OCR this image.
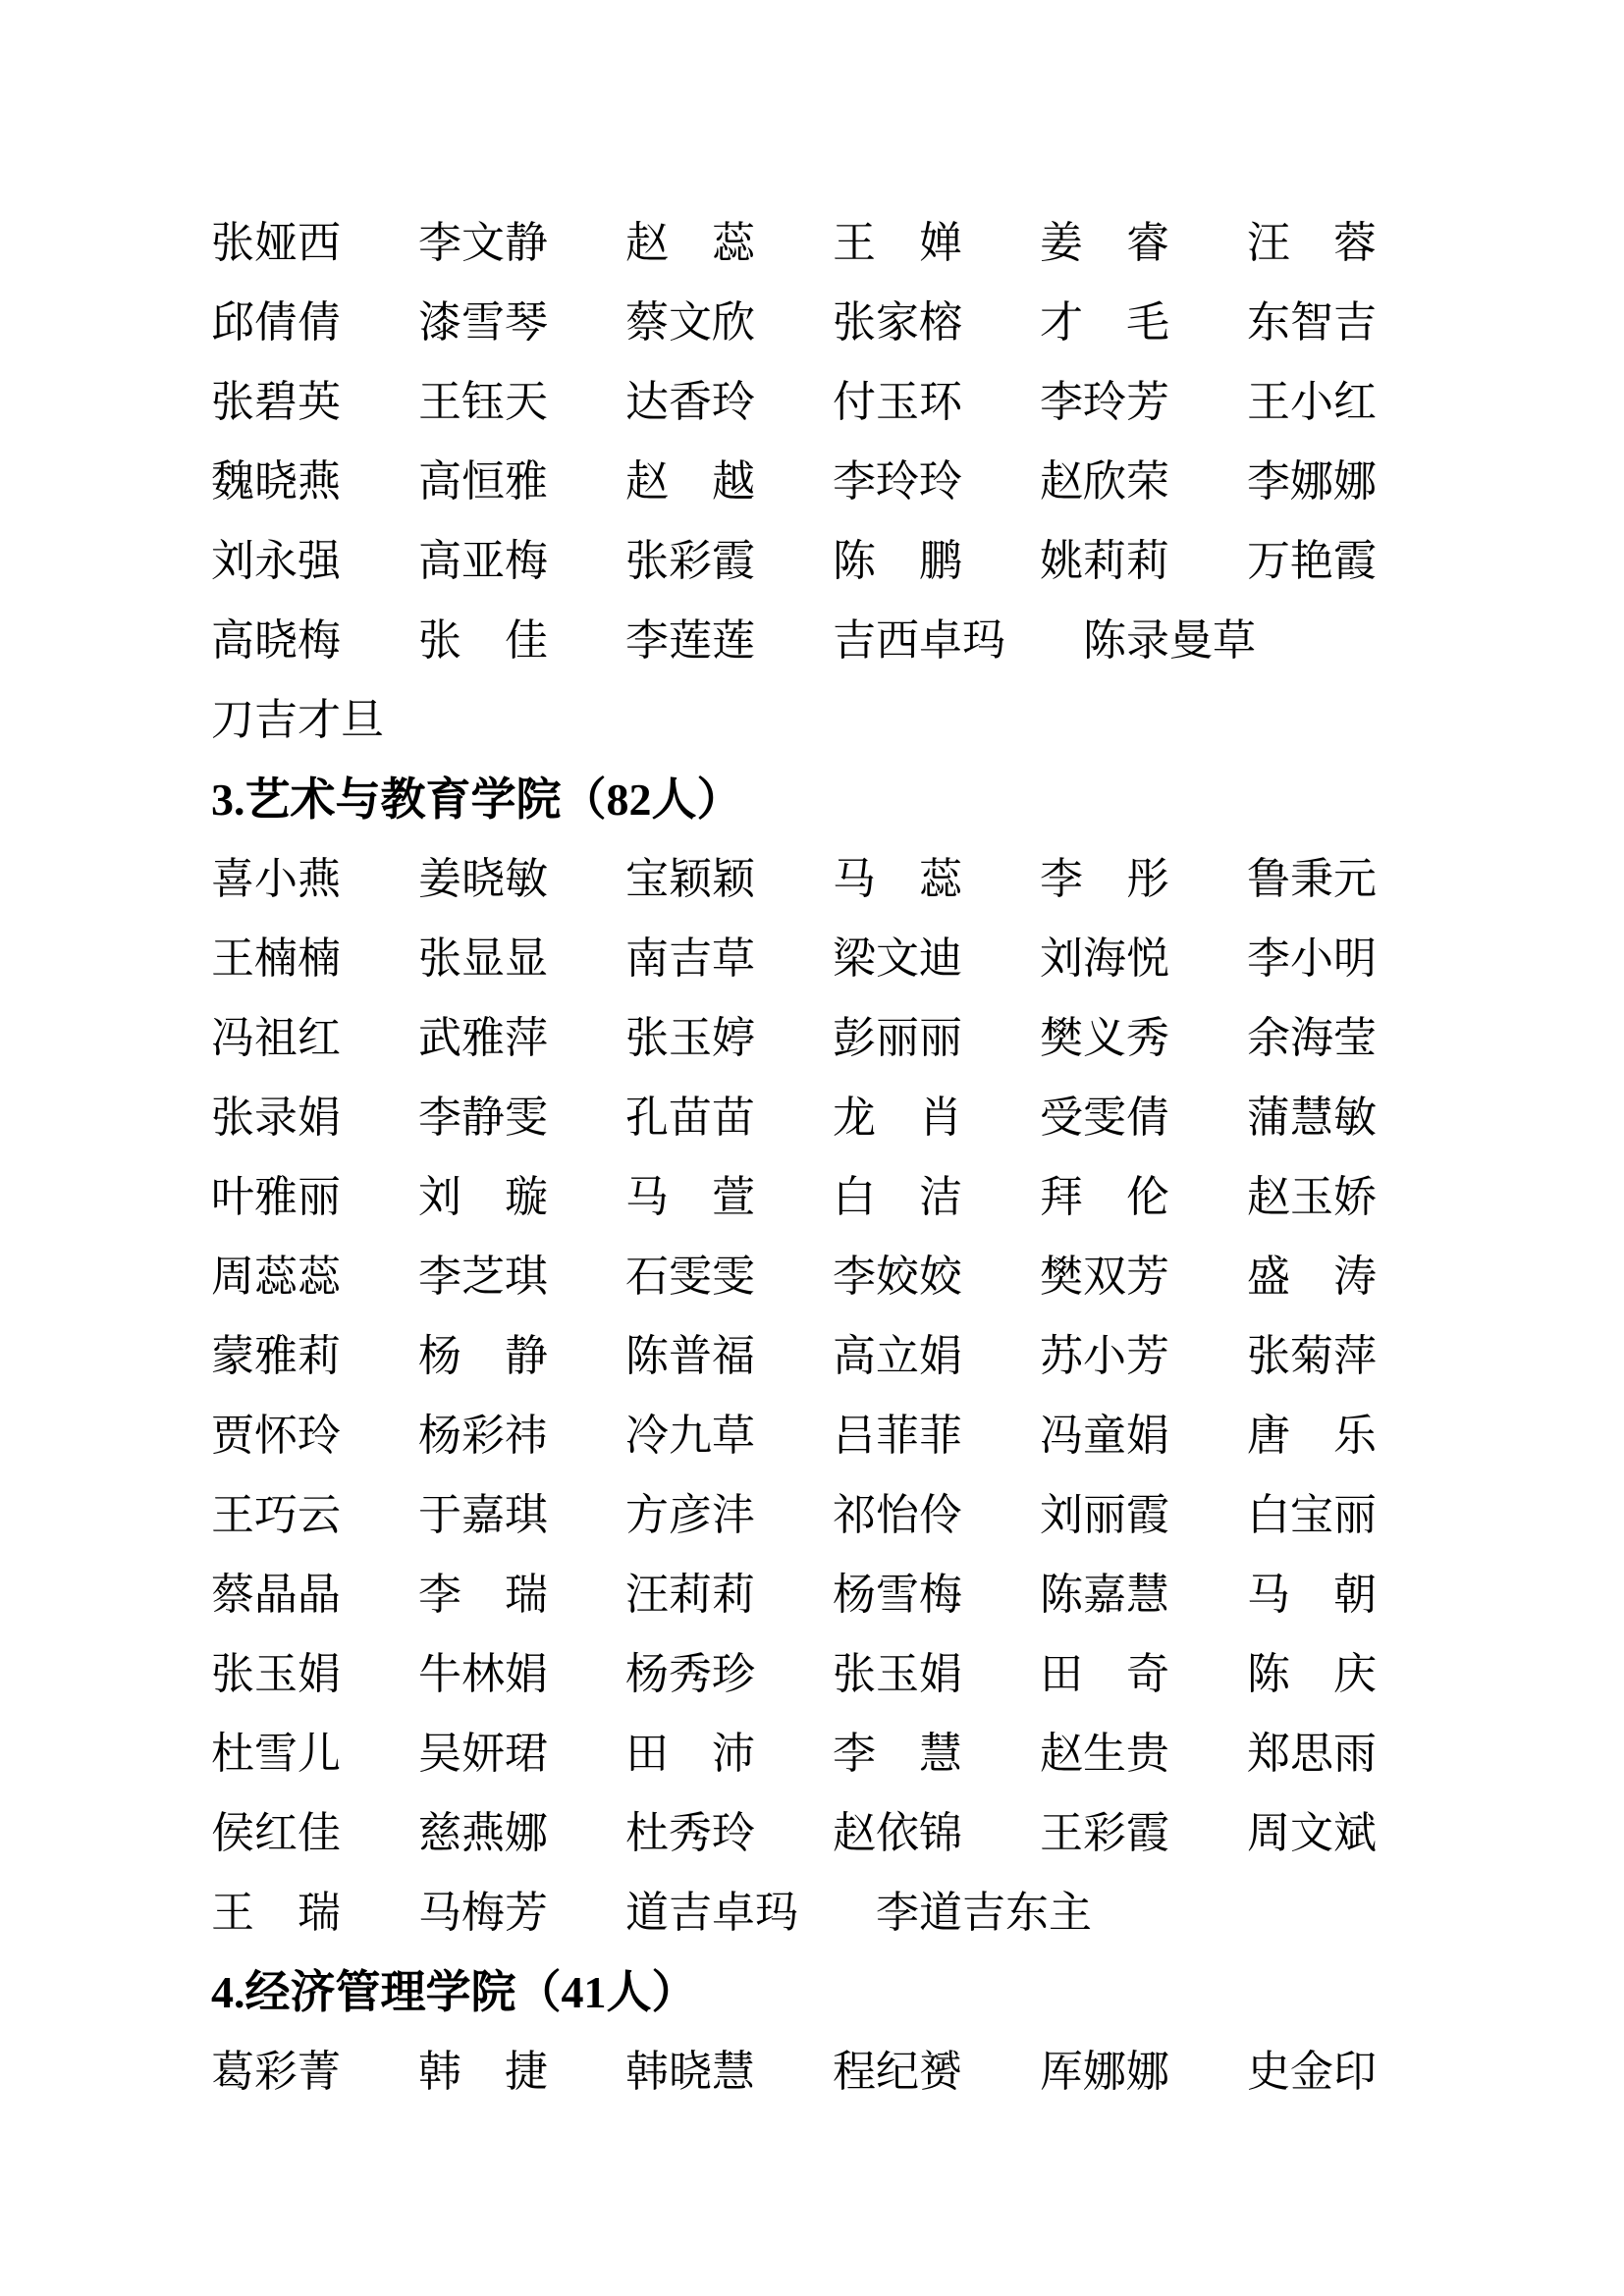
张娅西 李文静 赵　蕊 王　婵 姜　睿 汪　蓉
邱倩倩 漆雪琴 蔡文欣 张家榕 才　毛 东智吉
张碧英 王钰天 达香玲 付玉环 李玲芳 王小红
魏晓燕 高恒雅 赵　越 李玲玲 赵欣荣 李娜娜
刘永强 高亚梅 张彩霞 陈　鹏 姚莉莉 万艳霞
高晓梅 张　佳 李莲莲 吉西卓玛 陈录曼草
刀吉才旦
3.艺术与教育学院（82人）
喜小燕 姜晓敏 宝颖颖 马　蕊 李　彤 鲁秉元
王楠楠 张显显 南吉草 梁文迪 刘海悦 李小明
冯祖红 武雅萍 张玉婷 彭丽丽 樊义秀 余海莹
张录娟 李静雯 孔苗苗 龙　肖 受雯倩 蒲慧敏
叶雅丽 刘　璇 马　萱 白　洁 拜　伦 赵玉娇
周蕊蕊 李芝琪 石雯雯 李姣姣 樊双芳 盛　涛
蒙雅莉 杨　静 陈普福 高立娟 苏小芳 张菊萍
贾怀玲 杨彩祎 冷九草 吕菲菲 冯童娟 唐　乐
王巧云 于嘉琪 方彦沣 祁怡伶 刘丽霞 白宝丽
蔡晶晶 李　瑞 汪莉莉 杨雪梅 陈嘉慧 马　朝
张玉娟 牛林娟 杨秀珍 张玉娟 田　奇 陈　庆
杜雪儿 吴妍珺 田　沛 李　慧 赵生贵 郑思雨
侯红佳 慈燕娜 杜秀玲 赵依锦 王彩霞 周文斌
王　瑞 马梅芳 道吉卓玛 李道吉东主
4.经济管理学院（41人）
葛彩菁 韩　捷 韩晓慧 程纪赟 厍娜娜 史金印
